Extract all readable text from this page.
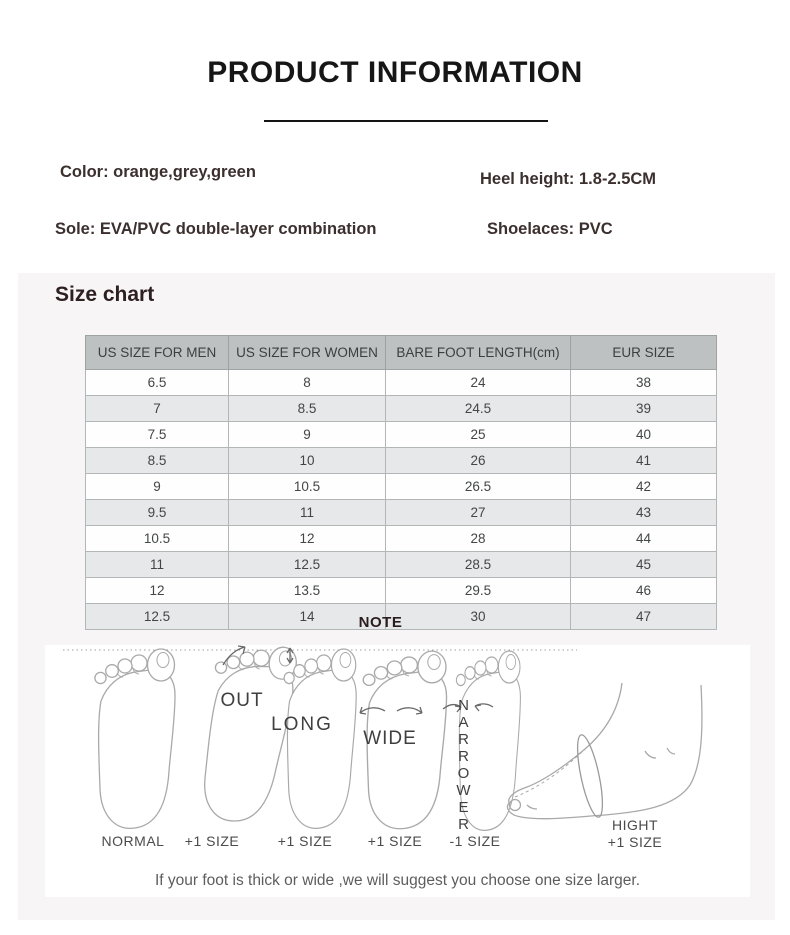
PRODUCT INFORMATION
Color: orange,grey,green	Heel height: 1.8-2.5CM
Sole: EVA/PVC double-layer combination	Shoelaces: PVC
Size chart
US SIZE FOR MEN	US SIZE FOR WOMEN	BARE FOOT LENGTH(cm)	EUR SIZE
6.5	8	24	38
7	8.5	24.5	39
7.5	9	25	40
8.5	10	26	41
9	10.5	26.5	42
9.5	11	27	43
10.5	12	28	44
11	12.5	28.5	45
12	13.5	29.5	46
12.5	14	30	47
NOTE
OUT
LONG
WIDE	NARROWER
NORMAL	+1 SIZE	+1 SIZE	+1 SIZE	-1 SIZE
HIGHT
+1 SIZE
If your foot is thick or wide ,we will suggest you choose one size larger.
